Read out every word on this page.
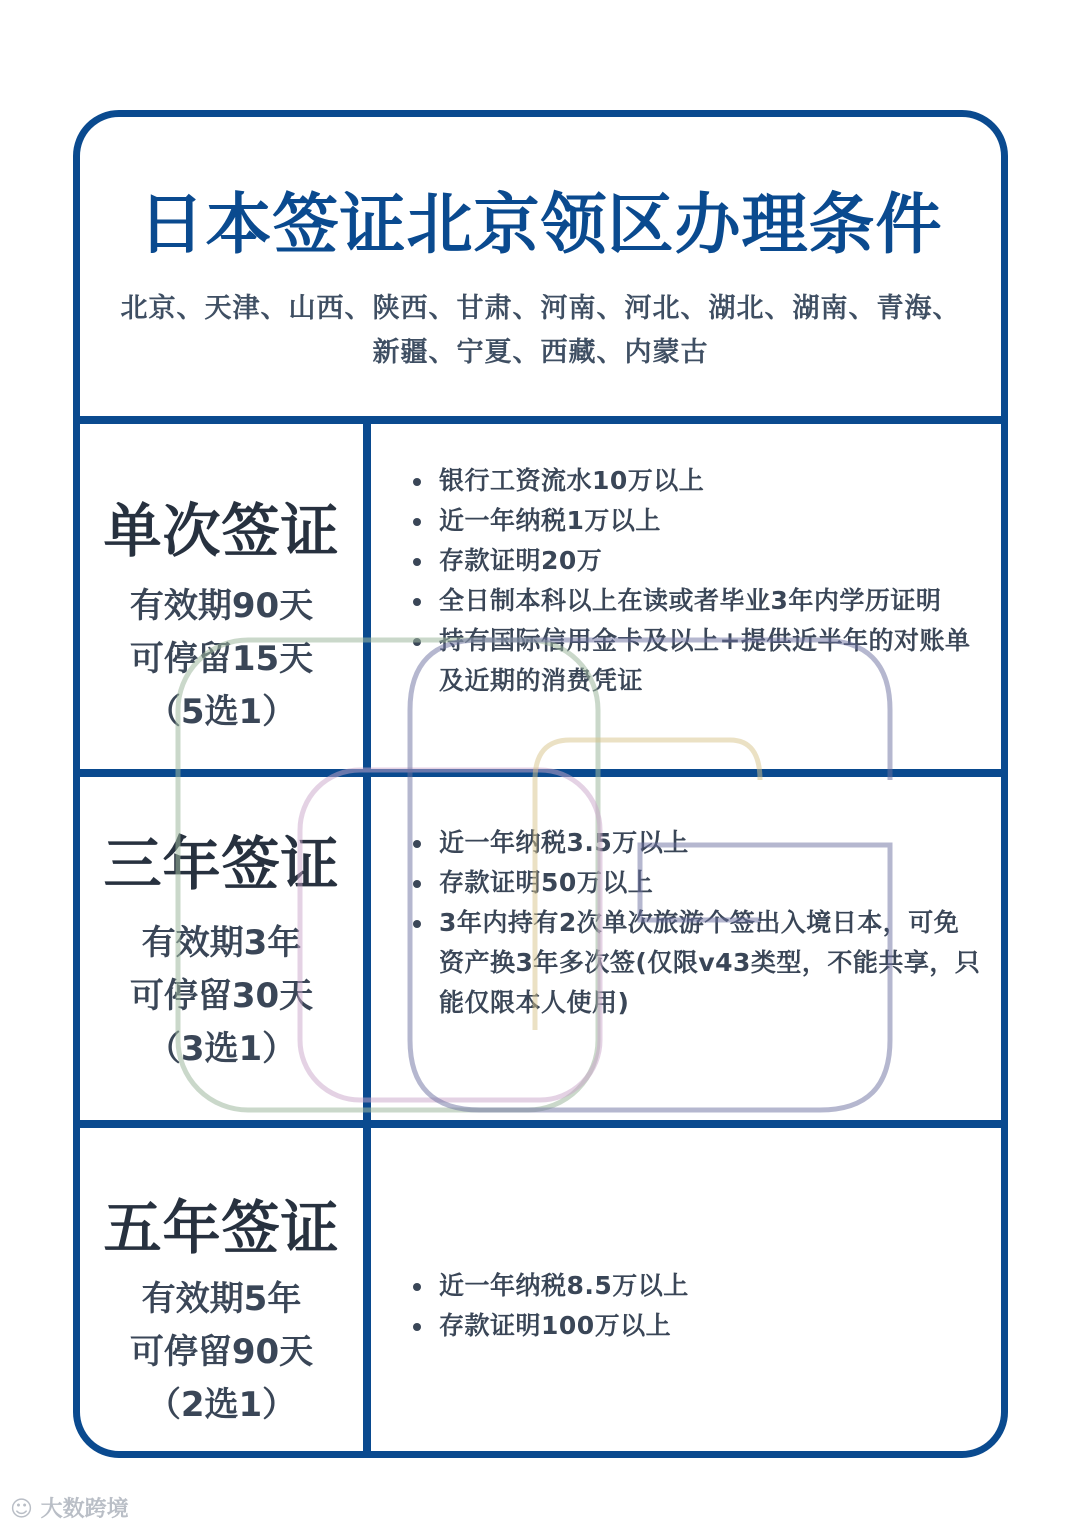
日本签证北京领区办理条件
北京、天津、山西、陕西、甘肃、河南、河北、湖北、湖南、青海、新疆、宁夏、西藏、内蒙古
单次签证
有效期90天
可停留15天
（5选1）
银行工资流水10万以上
近一年纳税1万以上
存款证明20万
全日制本科以上在读或者毕业3年内学历证明
持有国际信用金卡及以上+提供近半年的对账单及近期的消费凭证
三年签证
有效期3年
可停留30天
（3选1）
近一年纳税3.5万以上
存款证明50万以上
3年内持有2次单次旅游个签出入境日本，可免资产换3年多次签(仅限v43类型，不能共享，只能仅限本人使用)
五年签证
有效期5年
可停留90天
（2选1）
近一年纳税8.5万以上
存款证明100万以上
☺ 大数跨境
